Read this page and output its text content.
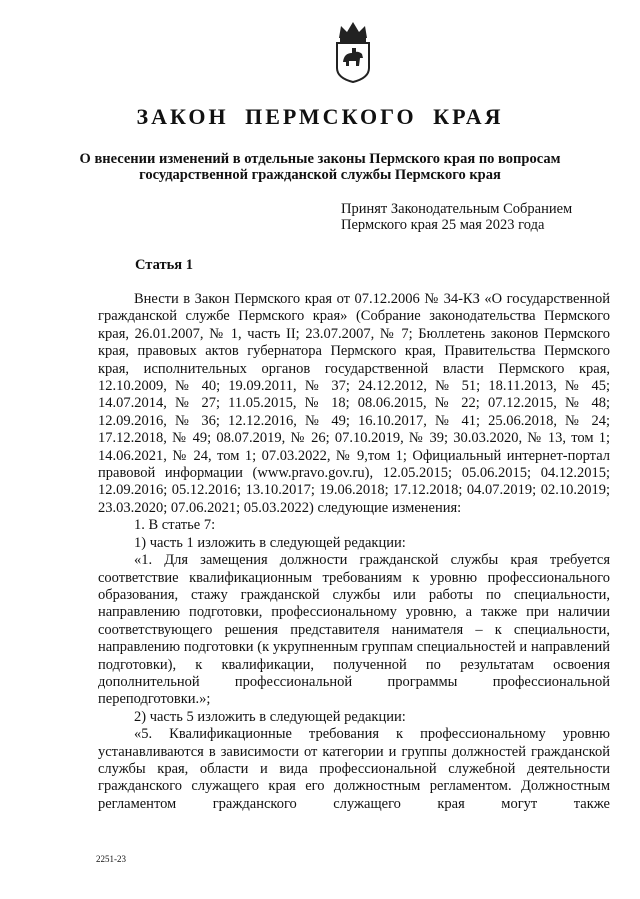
ЗАКОН ПЕРМСКОГО КРАЯ
О внесении изменений в отдельные законы Пермского края по вопросам
государственной гражданской службы Пермского края
Принят Законодательным Собранием
Пермского края 25 мая 2023 года
Статья 1

Внести в Закон Пермского края от 07.12.2006 № 34-КЗ «О государственной гражданской службе Пермского края» (Собрание законодательства Пермского края, 26.01.2007, № 1, часть II; 23.07.2007, № 7; Бюллетень законов Пермского края, правовых актов губернатора Пермского края, Правительства Пермского края, исполнительных органов государственной власти Пермского края, 12.10.2009, № 40; 19.09.2011, № 37; 24.12.2012, № 51; 18.11.2013, № 45; 14.07.2014, № 27; 11.05.2015, № 18; 08.06.2015, № 22; 07.12.2015, № 48; 12.09.2016, № 36; 12.12.2016, № 49; 16.10.2017, № 41; 25.06.2018, № 24; 17.12.2018, № 49; 08.07.2019, № 26; 07.10.2019, № 39; 30.03.2020, № 13, том 1; 14.06.2021, № 24, том 1; 07.03.2022, № 9,том 1; Официальный интернет-портал правовой информации (www.pravo.gov.ru), 12.05.2015; 05.06.2015; 04.12.2015; 12.09.2016; 05.12.2016; 13.10.2017; 19.06.2018; 17.12.2018; 04.07.2019; 02.10.2019; 23.03.2020; 07.06.2021; 05.03.2022) следующие изменения:

1. В статье 7:

1) часть 1 изложить в следующей редакции:

«1. Для замещения должности гражданской службы края требуется соответствие квалификационным требованиям к уровню профессионального образования, стажу гражданской службы или работы по специальности, направлению подготовки, профессиональному уровню, а также при наличии соответствующего решения представителя нанимателя – к специальности, направлению подготовки (к укрупненным группам специальностей и направлений подготовки), к квалификации, полученной по результатам освоения дополнительной профессиональной программы профессиональной переподготовки.»;

2) часть 5 изложить в следующей редакции:

«5. Квалификационные требования к профессиональному уровню устанавливаются в зависимости от категории и группы должностей гражданской службы края, области и вида профессиональной служебной деятельности гражданского служащего края его должностным регламентом. Должностным регламентом гражданского служащего края могут также

2251-23
